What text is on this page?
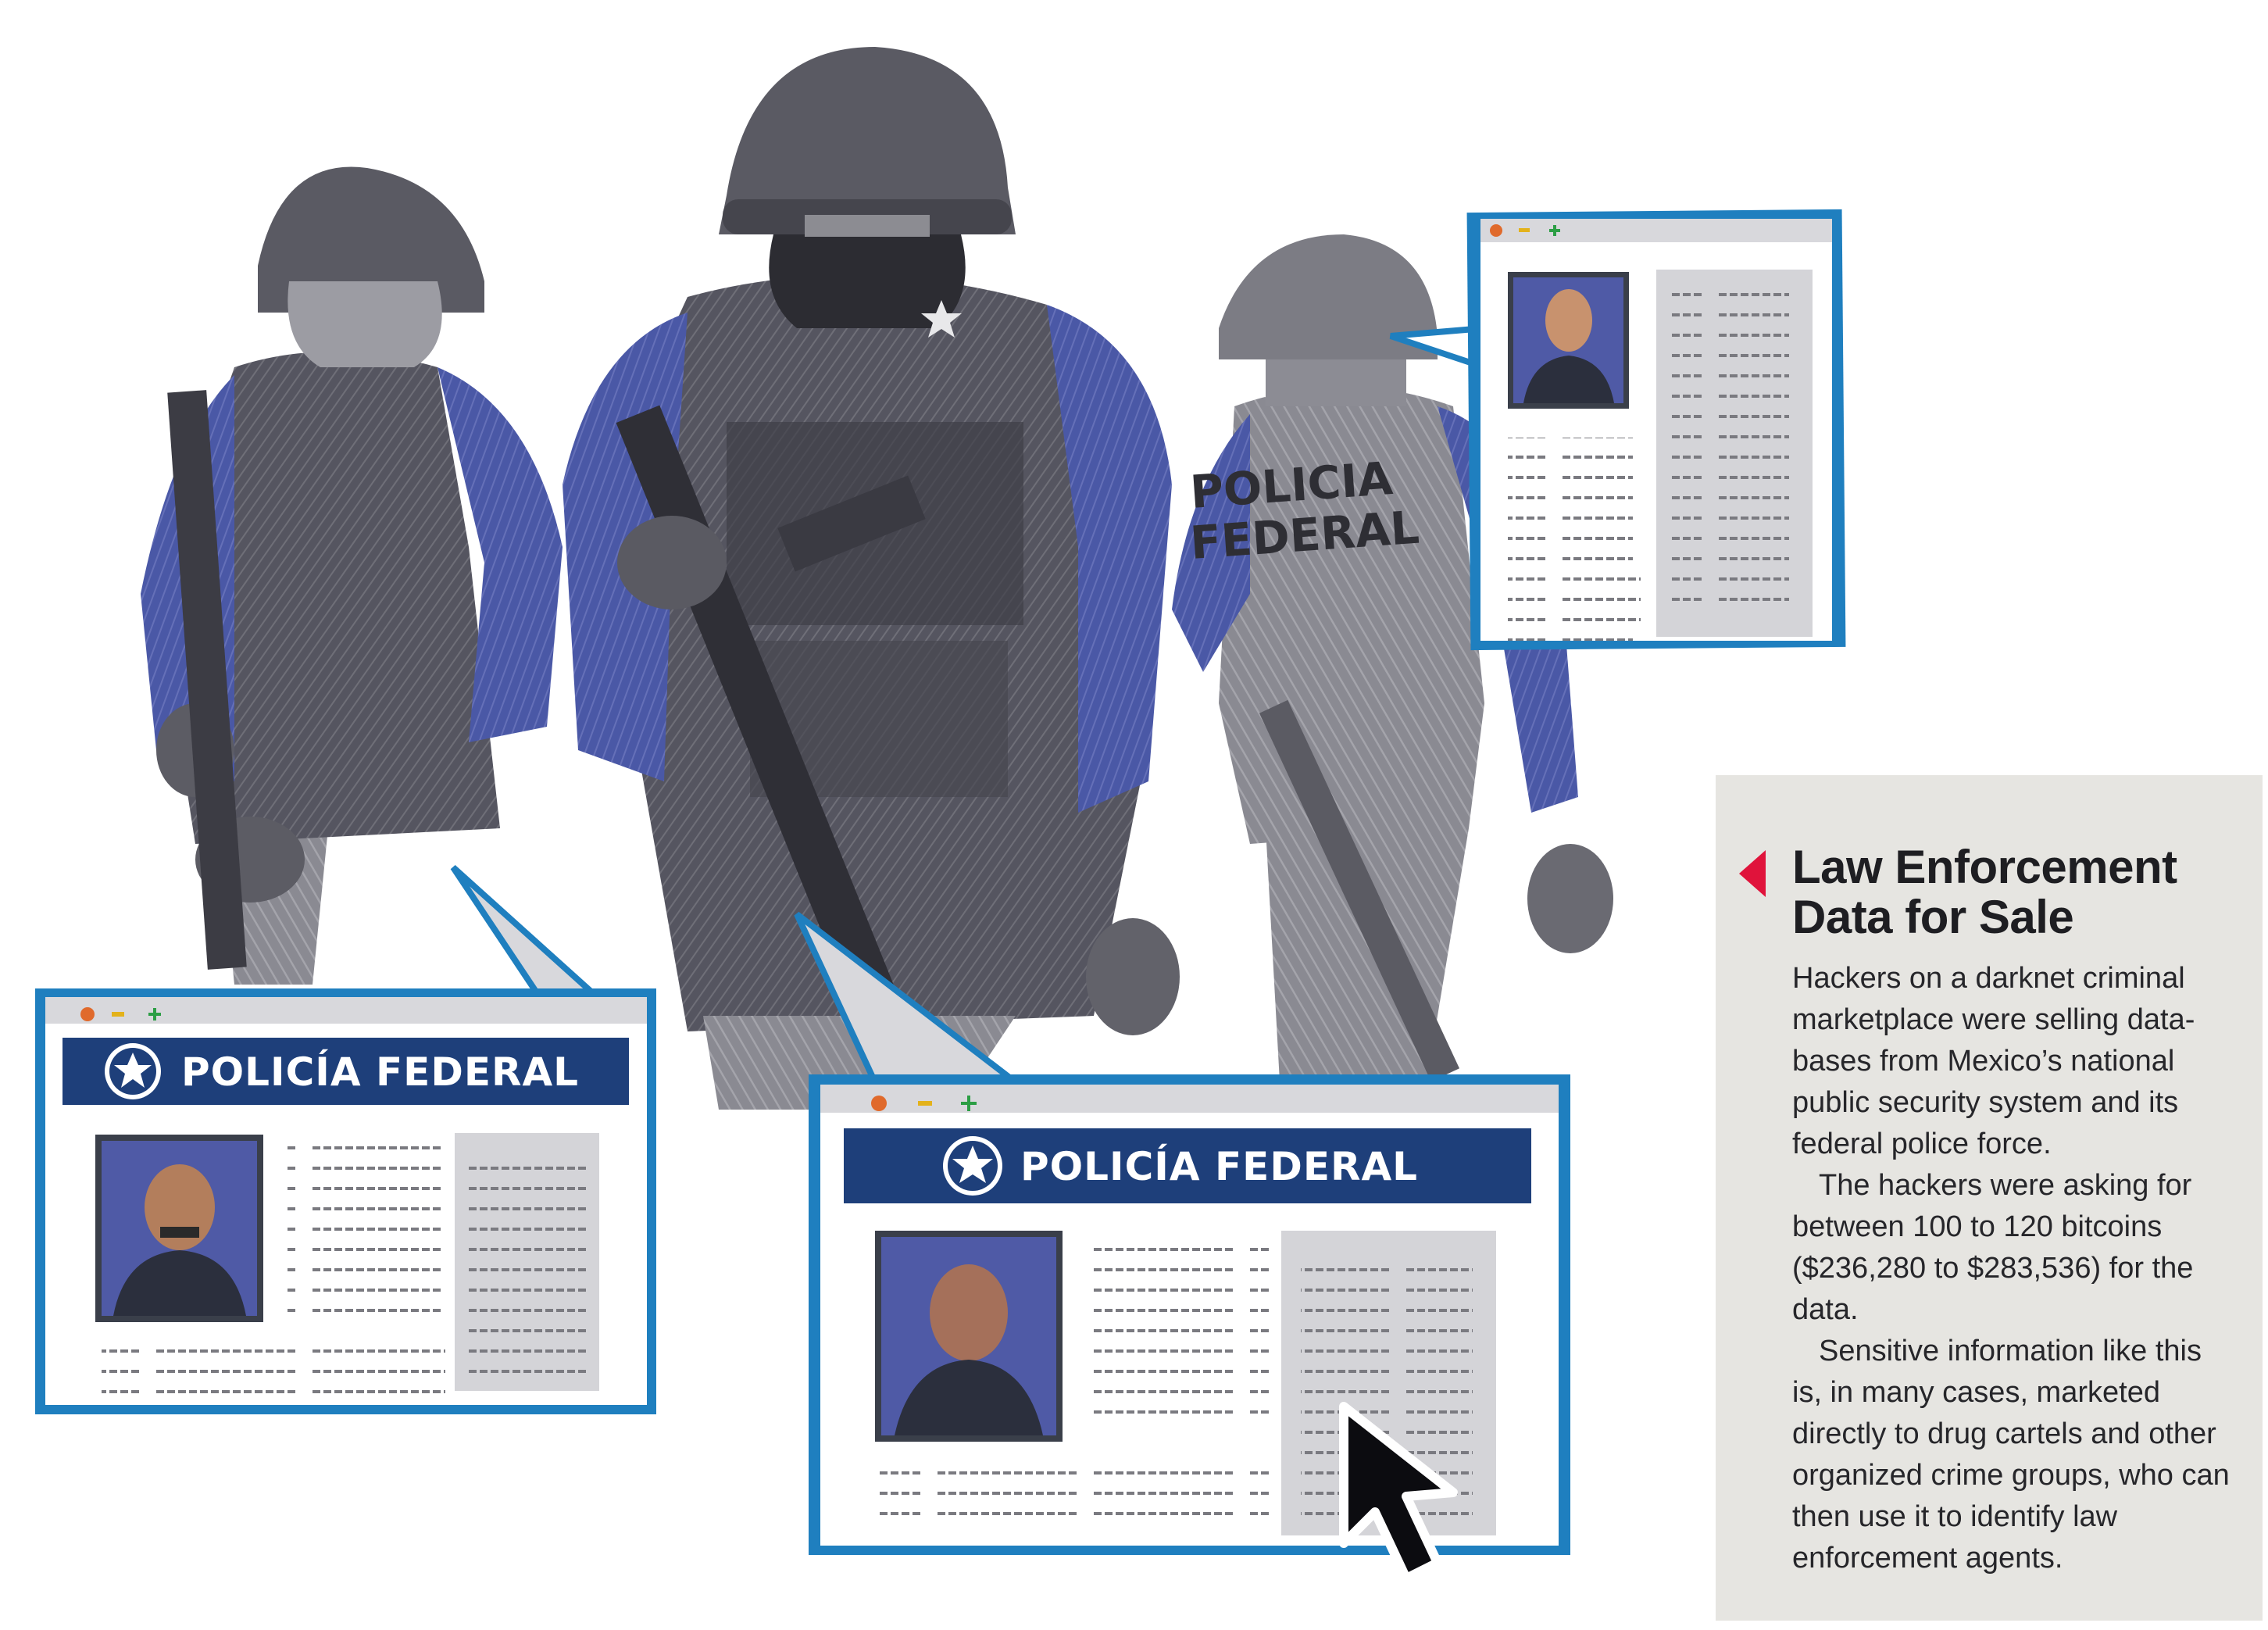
POLICIA
FEDERAL
POLICÍA FEDERAL
POLICÍA FEDERAL
Law Enforcement Data for Sale

Hackers on a darknet criminal marketplace were selling data-bases from Mexico’s national public security system and its federal police force.

The hackers were asking for between 100 to 120 bitcoins ($236,280 to $283,536) for the data.

Sensitive information like this is, in many cases, marketed directly to drug cartels and other organized crime groups, who can then use it to identify law enforcement agents.
